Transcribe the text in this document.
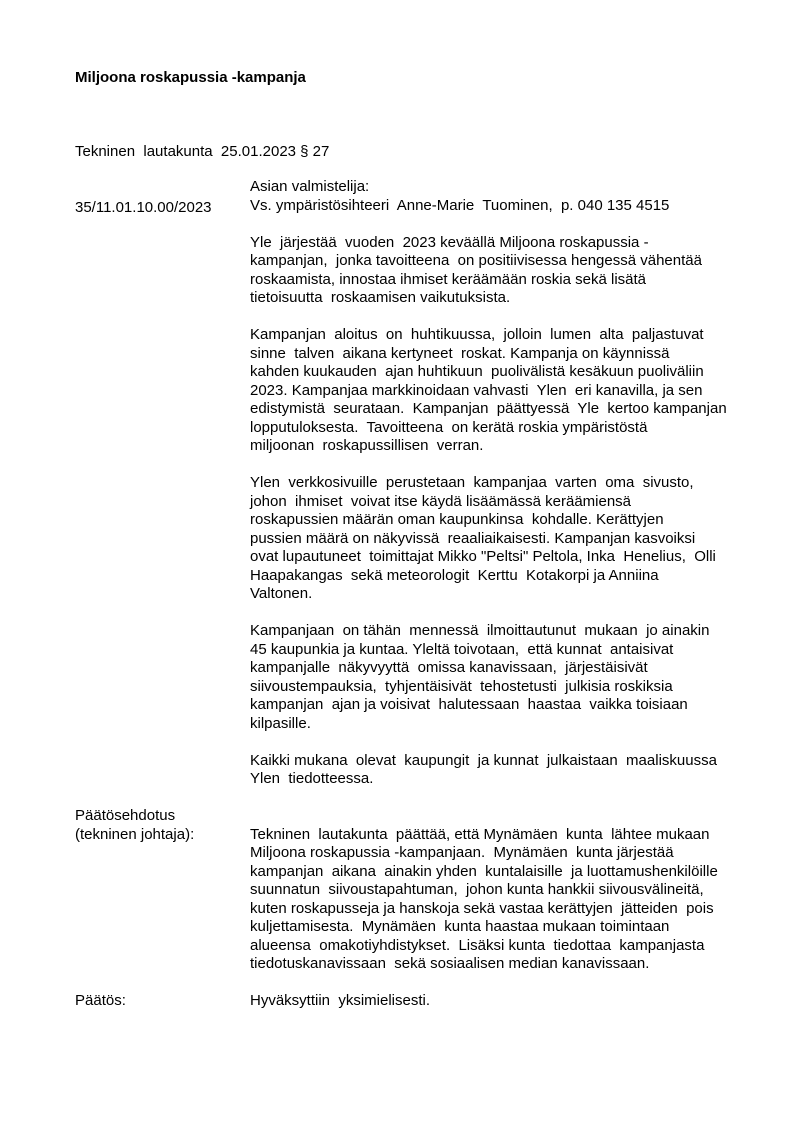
Miljoona roskapussia -kampanja

Tekninen  lautakunta  25.01.2023 § 27

35/11.01.10.00/2023

Asian valmistelija:
Vs. ympäristösihteeri  Anne-Marie  Tuominen,  p. 040 135 4515
Yle  järjestää  vuoden  2023 keväällä Miljoona roskapussia -
kampanjan,  jonka tavoitteena  on positiivisessa hengessä vähentää
roskaamista, innostaa ihmiset keräämään roskia sekä lisätä
tietoisuutta  roskaamisen vaikutuksista.
Kampanjan  aloitus  on  huhtikuussa,  jolloin  lumen  alta  paljastuvat
sinne  talven  aikana kertyneet  roskat. Kampanja on käynnissä
kahden kuukauden  ajan huhtikuun  puolivälistä kesäkuun puoliväliin
2023. Kampanjaa markkinoidaan vahvasti  Ylen  eri kanavilla, ja sen
edistymistä  seurataan.  Kampanjan  päättyessä  Yle  kertoo kampanjan
lopputuloksesta.  Tavoitteena  on kerätä roskia ympäristöstä
miljoonan  roskapussillisen  verran.
Ylen  verkkosivuille  perustetaan  kampanjaa  varten  oma  sivusto,
johon  ihmiset  voivat itse käydä lisäämässä keräämiensä
roskapussien määrän oman kaupunkinsa  kohdalle. Kerättyjen
pussien määrä on näkyvissä  reaaliaikaisesti. Kampanjan kasvoiksi
ovat lupautuneet  toimittajat Mikko "Peltsi" Peltola, Inka  Henelius,  Olli
Haapakangas  sekä meteorologit  Kerttu  Kotakorpi ja Anniina
Valtonen.
Kampanjaan  on tähän  mennessä  ilmoittautunut  mukaan  jo ainakin
45 kaupunkia ja kuntaa. Yleltä toivotaan,  että kunnat  antaisivat
kampanjalle  näkyvyyttä  omissa kanavissaan,  järjestäisivät
siivoustempauksia,  tyhjentäisivät  tehostetusti  julkisia roskiksia
kampanjan  ajan ja voisivat  halutessaan  haastaa  vaikka toisiaan
kilpasille.
Kaikki mukana  olevat  kaupungit  ja kunnat  julkaistaan  maaliskuussa
Ylen  tiedotteessa.
Päätösehdotus
(tekninen johtaja):	Tekninen  lautakunta  päättää, että Mynämäen  kunta  lähtee mukaan
Miljoona roskapussia -kampanjaan.  Mynämäen  kunta järjestää
kampanjan  aikana  ainakin yhden  kuntalaisille  ja luottamushenkilöille
suunnatun  siivoustapahtuman,  johon kunta hankkii siivousvälineitä,
kuten roskapusseja ja hanskoja sekä vastaa kerättyjen  jätteiden  pois
kuljettamisesta.  Mynämäen  kunta haastaa mukaan toimintaan
alueensa  omakotiyhdistykset.  Lisäksi kunta  tiedottaa  kampanjasta
tiedotuskanavissaan  sekä sosiaalisen median kanavissaan.
Päätös:	Hyväksyttiin  yksimielisesti.
